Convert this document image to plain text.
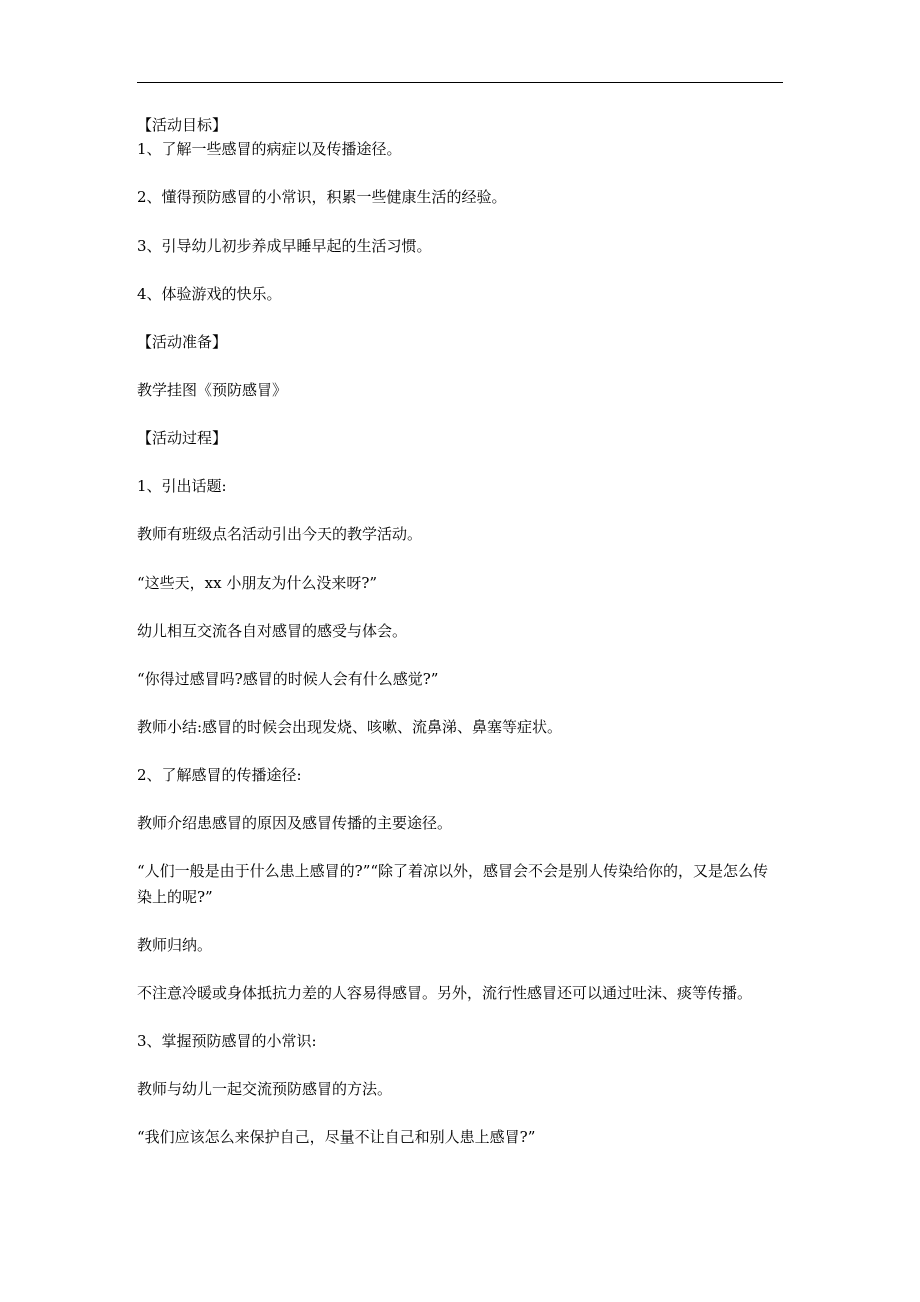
【活动目标】
1、了解一些感冒的病症以及传播途径。
2、懂得预防感冒的小常识，积累一些健康生活的经验。
3、引导幼儿初步养成早睡早起的生活习惯。
4、体验游戏的快乐。
【活动准备】
教学挂图《预防感冒》
【活动过程】
1、引出话题:
教师有班级点名活动引出今天的教学活动。
“这些天，xx 小朋友为什么没来呀?”
幼儿相互交流各自对感冒的感受与体会。
“你得过感冒吗?感冒的时候人会有什么感觉?”
教师小结:感冒的时候会出现发烧、咳嗽、流鼻涕、鼻塞等症状。
2、了解感冒的传播途径:
教师介绍患感冒的原因及感冒传播的主要途径。
“人们一般是由于什么患上感冒的?”“除了着凉以外，感冒会不会是别人传染给你的，又是怎么传染上的呢?”
教师归纳。
不注意冷暖或身体抵抗力差的人容易得感冒。另外，流行性感冒还可以通过吐沫、痰等传播。
3、掌握预防感冒的小常识:
教师与幼儿一起交流预防感冒的方法。
“我们应该怎么来保护自己，尽量不让自己和别人患上感冒?”
